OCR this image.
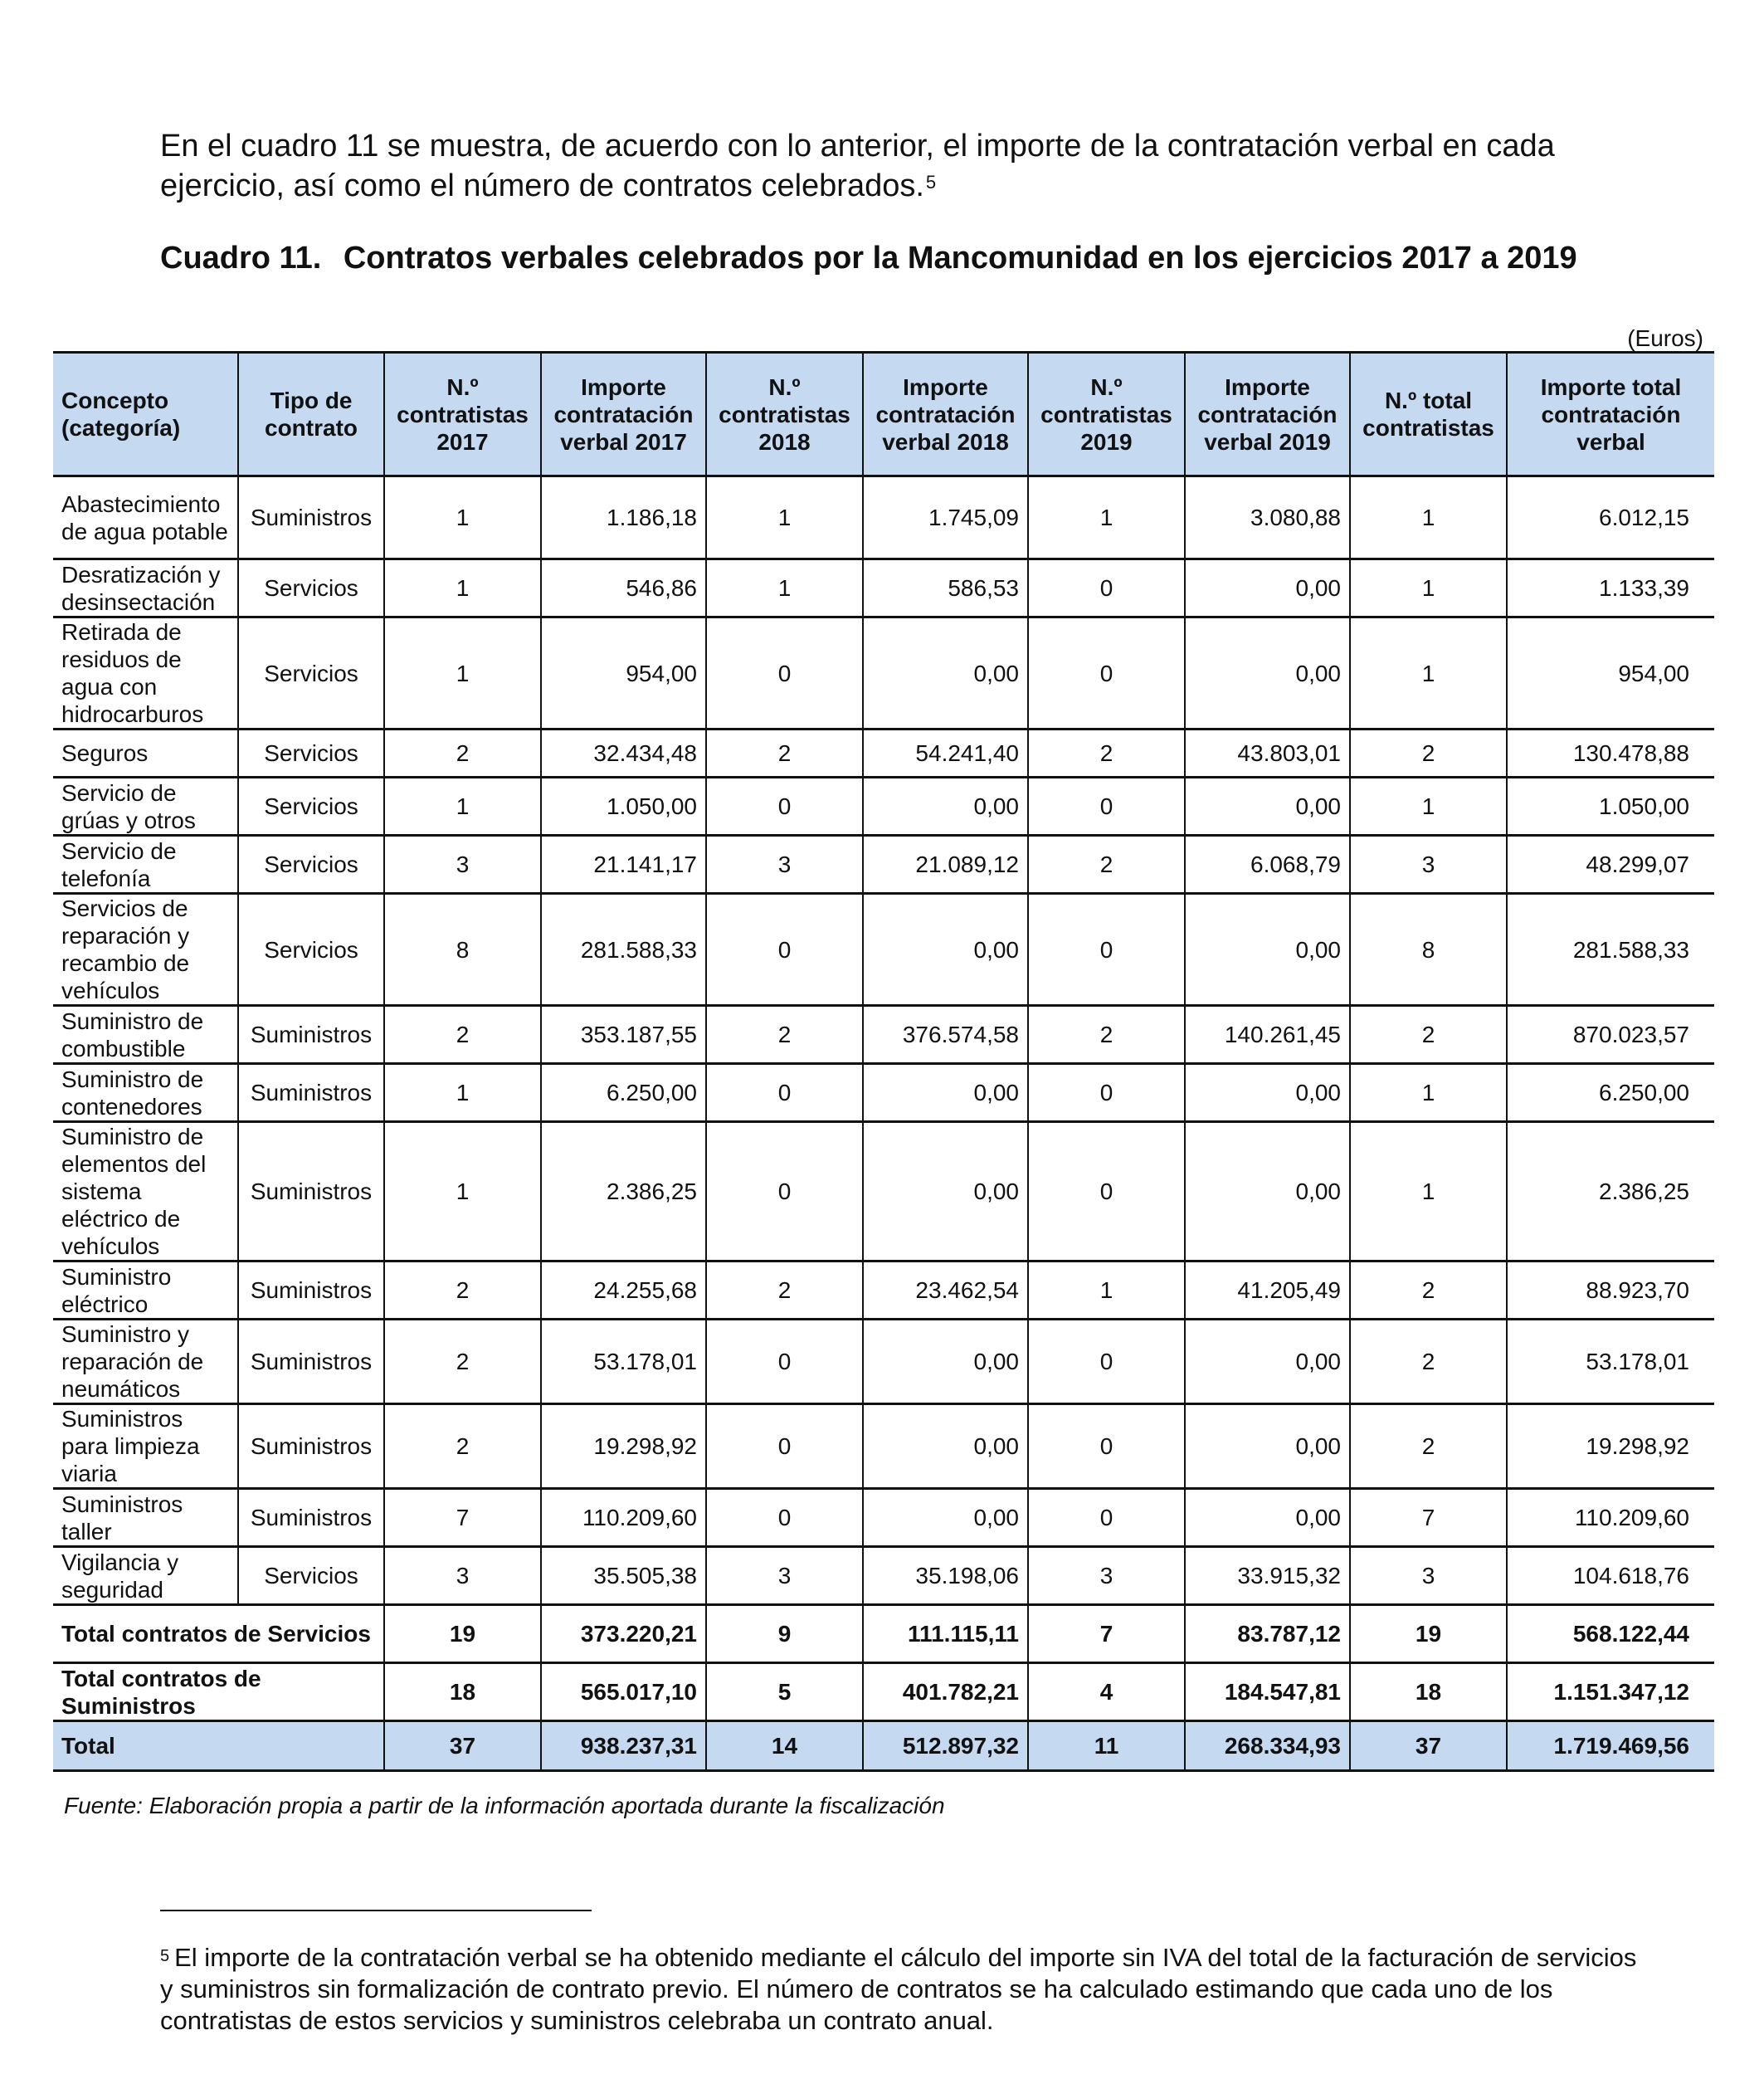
En el cuadro 11 se muestra, de acuerdo con lo anterior, el importe de la contratación verbal en cada ejercicio, así como el número de contratos celebrados.$^5$

Cuadro 11. Contratos verbales celebrados por la Mancomunidad en los ejercicios 2017 a 2019
(Euros)
Concepto (categoría)	Tipo de contrato	N.º contratistas 2017	Importe contratación verbal 2017	N.º contratistas 2018	Importe contratación verbal 2018	N.º contratistas 2019	Importe contratación verbal 2019	N.º total contratistas	Importe total contratación verbal
Abastecimiento de agua potable	Suministros	1	1.186,18	1	1.745,09	1	3.080,88	1	6.012,15
Desratización y desinsectación	Servicios	1	546,86	1	586,53	0	0,00	1	1.133,39
Retirada de residuos de agua con hidrocarburos	Servicios	1	954,00	0	0,00	0	0,00	1	954,00
Seguros	Servicios	2	32.434,48	2	54.241,40	2	43.803,01	2	130.478,88
Servicio de grúas y otros	Servicios	1	1.050,00	0	0,00	0	0,00	1	1.050,00
Servicio de telefonía	Servicios	3	21.141,17	3	21.089,12	2	6.068,79	3	48.299,07
Servicios de reparación y recambio de vehículos	Servicios	8	281.588,33	0	0,00	0	0,00	8	281.588,33
Suministro de combustible	Suministros	2	353.187,55	2	376.574,58	2	140.261,45	2	870.023,57
Suministro de contenedores	Suministros	1	6.250,00	0	0,00	0	0,00	1	6.250,00
Suministro de elementos del sistema eléctrico de vehículos	Suministros	1	2.386,25	0	0,00	0	0,00	1	2.386,25
Suministro eléctrico	Suministros	2	24.255,68	2	23.462,54	1	41.205,49	2	88.923,70
Suministro y reparación de neumáticos	Suministros	2	53.178,01	0	0,00	0	0,00	2	53.178,01
Suministros para limpieza viaria	Suministros	2	19.298,92	0	0,00	0	0,00	2	19.298,92
Suministros taller	Suministros	7	110.209,60	0	0,00	0	0,00	7	110.209,60
Vigilancia y seguridad	Servicios	3	35.505,38	3	35.198,06	3	33.915,32	3	104.618,76
Total contratos de Servicios		19	373.220,21	9	111.115,11	7	83.787,12	19	568.122,44
Total contratos de Suministros		18	565.017,10	5	401.782,21	4	184.547,81	18	1.151.347,12
Total		37	938.237,31	14	512.897,32	11	268.334,93	37	1.719.469,56
Fuente: Elaboración propia a partir de la información aportada durante la fiscalización

$^5$ El importe de la contratación verbal se ha obtenido mediante el cálculo del importe sin IVA del total de la facturación de servicios y suministros sin formalización de contrato previo. El número de contratos se ha calculado estimando que cada uno de los contratistas de estos servicios y suministros celebraba un contrato anual.
